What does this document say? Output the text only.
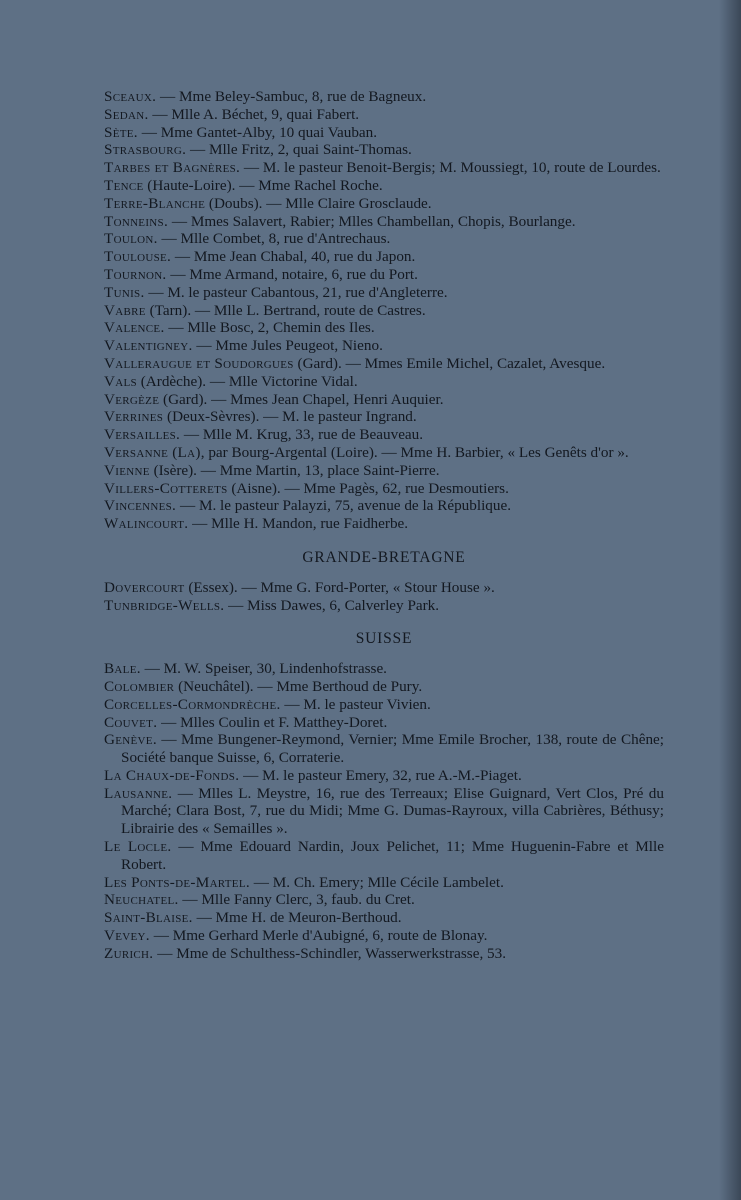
Sceaux. — Mme Beley-Sambuc, 8, rue de Bagneux.

Sedan. — Mlle A. Béchet, 9, quai Fabert.

Sète. — Mme Gantet-Alby, 10 quai Vauban.

Strasbourg. — Mlle Fritz, 2, quai Saint-Thomas.

Tarbes et Bagnères. — M. le pasteur Benoit-Bergis; M. Moussiegt, 10, route de Lourdes.

Tence (Haute-Loire). — Mme Rachel Roche.

Terre-Blanche (Doubs). — Mlle Claire Grosclaude.

Tonneins. — Mmes Salavert, Rabier; Mlles Chambellan, Chopis, Bourlange.

Toulon. — Mlle Combet, 8, rue d'Antrechaus.

Toulouse. — Mme Jean Chabal, 40, rue du Japon.

Tournon. — Mme Armand, notaire, 6, rue du Port.

Tunis. — M. le pasteur Cabantous, 21, rue d'Angleterre.

Vabre (Tarn). — Mlle L. Bertrand, route de Castres.

Valence. — Mlle Bosc, 2, Chemin des Iles.

Valentigney. — Mme Jules Peugeot, Nieno.

Valleraugue et Soudorgues (Gard). — Mmes Emile Michel, Cazalet, Avesque.

Vals (Ardèche). — Mlle Victorine Vidal.

Vergèze (Gard). — Mmes Jean Chapel, Henri Auquier.

Verrines (Deux-Sèvres). — M. le pasteur Ingrand.

Versailles. — Mlle M. Krug, 33, rue de Beauveau.

Versanne (La), par Bourg-Argental (Loire). — Mme H. Barbier, « Les Genêts d'or ».

Vienne (Isère). — Mme Martin, 13, place Saint-Pierre.

Villers-Cotterets (Aisne). — Mme Pagès, 62, rue Desmoutiers.

Vincennes. — M. le pasteur Palayzi, 75, avenue de la République.

Walincourt. — Mlle H. Mandon, rue Faidherbe.

GRANDE-BRETAGNE

Dovercourt (Essex). — Mme G. Ford-Porter, « Stour House ».

Tunbridge-Wells. — Miss Dawes, 6, Calverley Park.

SUISSE

Bale. — M. W. Speiser, 30, Lindenhofstrasse.

Colombier (Neuchâtel). — Mme Berthoud de Pury.

Corcelles-Cormondrèche. — M. le pasteur Vivien.

Couvet. — Mlles Coulin et F. Matthey-Doret.

Genève. — Mme Bungener-Reymond, Vernier; Mme Emile Brocher, 138, route de Chêne; Société banque Suisse, 6, Corraterie.

La Chaux-de-Fonds. — M. le pasteur Emery, 32, rue A.-M.-Piaget.

Lausanne. — Mlles L. Meystre, 16, rue des Terreaux; Elise Guignard, Vert Clos, Pré du Marché; Clara Bost, 7, rue du Midi; Mme G. Dumas-Rayroux, villa Cabrières, Béthusy; Librairie des « Semailles ».

Le Locle. — Mme Edouard Nardin, Joux Pelichet, 11; Mme Huguenin-Fabre et Mlle Robert.

Les Ponts-de-Martel. — M. Ch. Emery; Mlle Cécile Lambelet.

Neuchatel. — Mlle Fanny Clerc, 3, faub. du Cret.

Saint-Blaise. — Mme H. de Meuron-Berthoud.

Vevey. — Mme Gerhard Merle d'Aubigné, 6, route de Blonay.

Zurich. — Mme de Schulthess-Schindler, Wasserwerkstrasse, 53.
